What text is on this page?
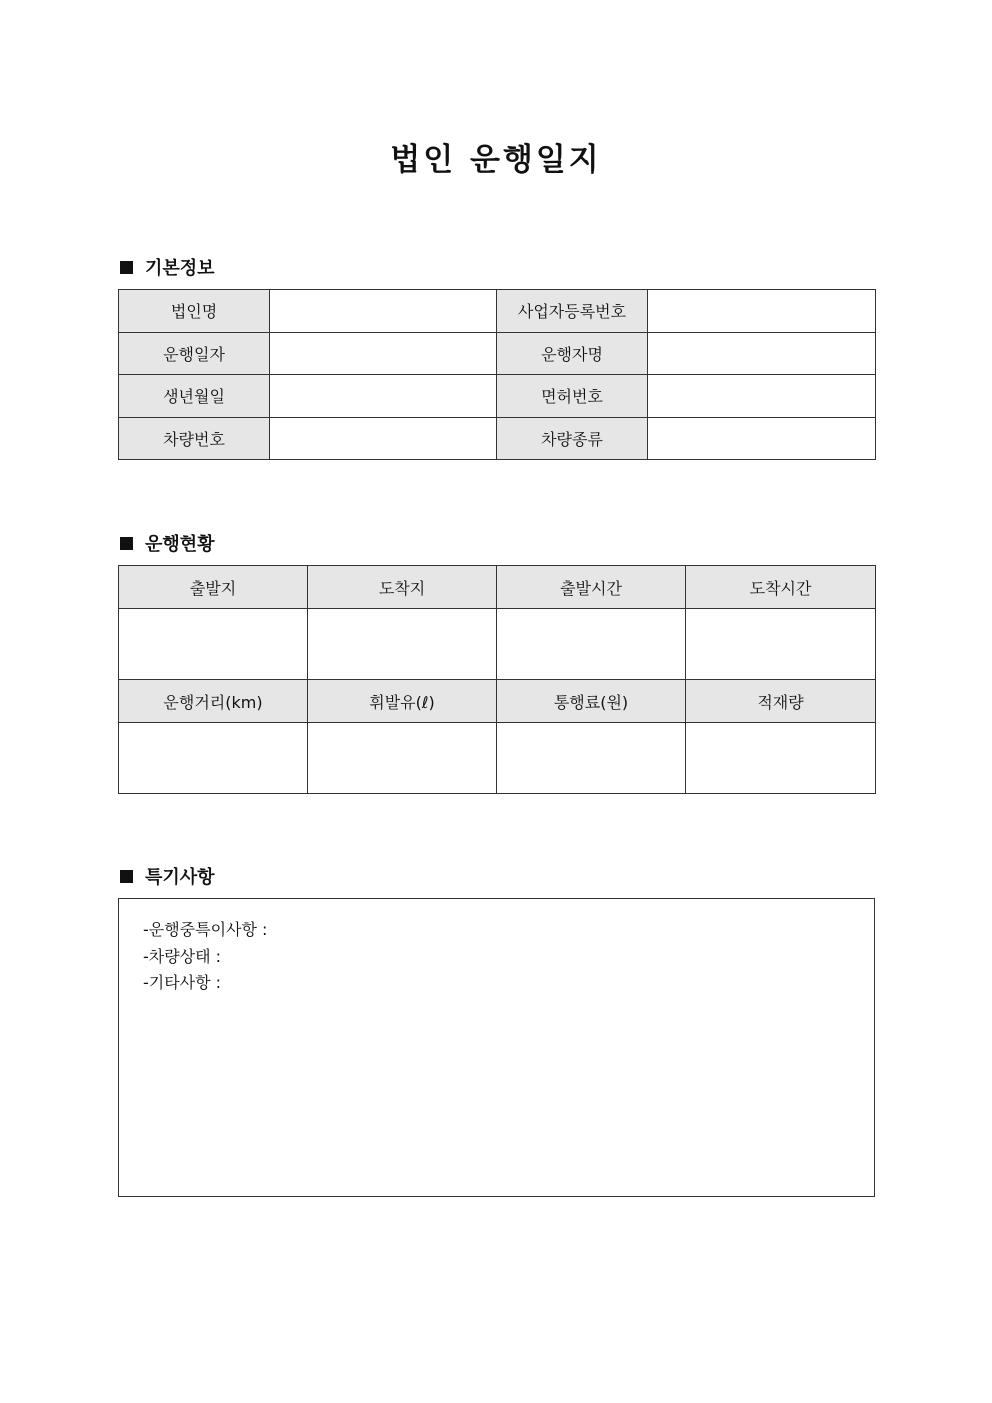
법인 운행일지
기본정보
법인명		사업자등록번호	
운행일자		운행자명	
생년월일		면허번호	
차량번호		차량종류	
운행현황
출발지	도착지	출발시간	도착시간

운행거리(km)	휘발유(ℓ)	통행료(원)	적재량

특기사항
-운행중특이사항 :
-차량상태 :
-기타사항 :
